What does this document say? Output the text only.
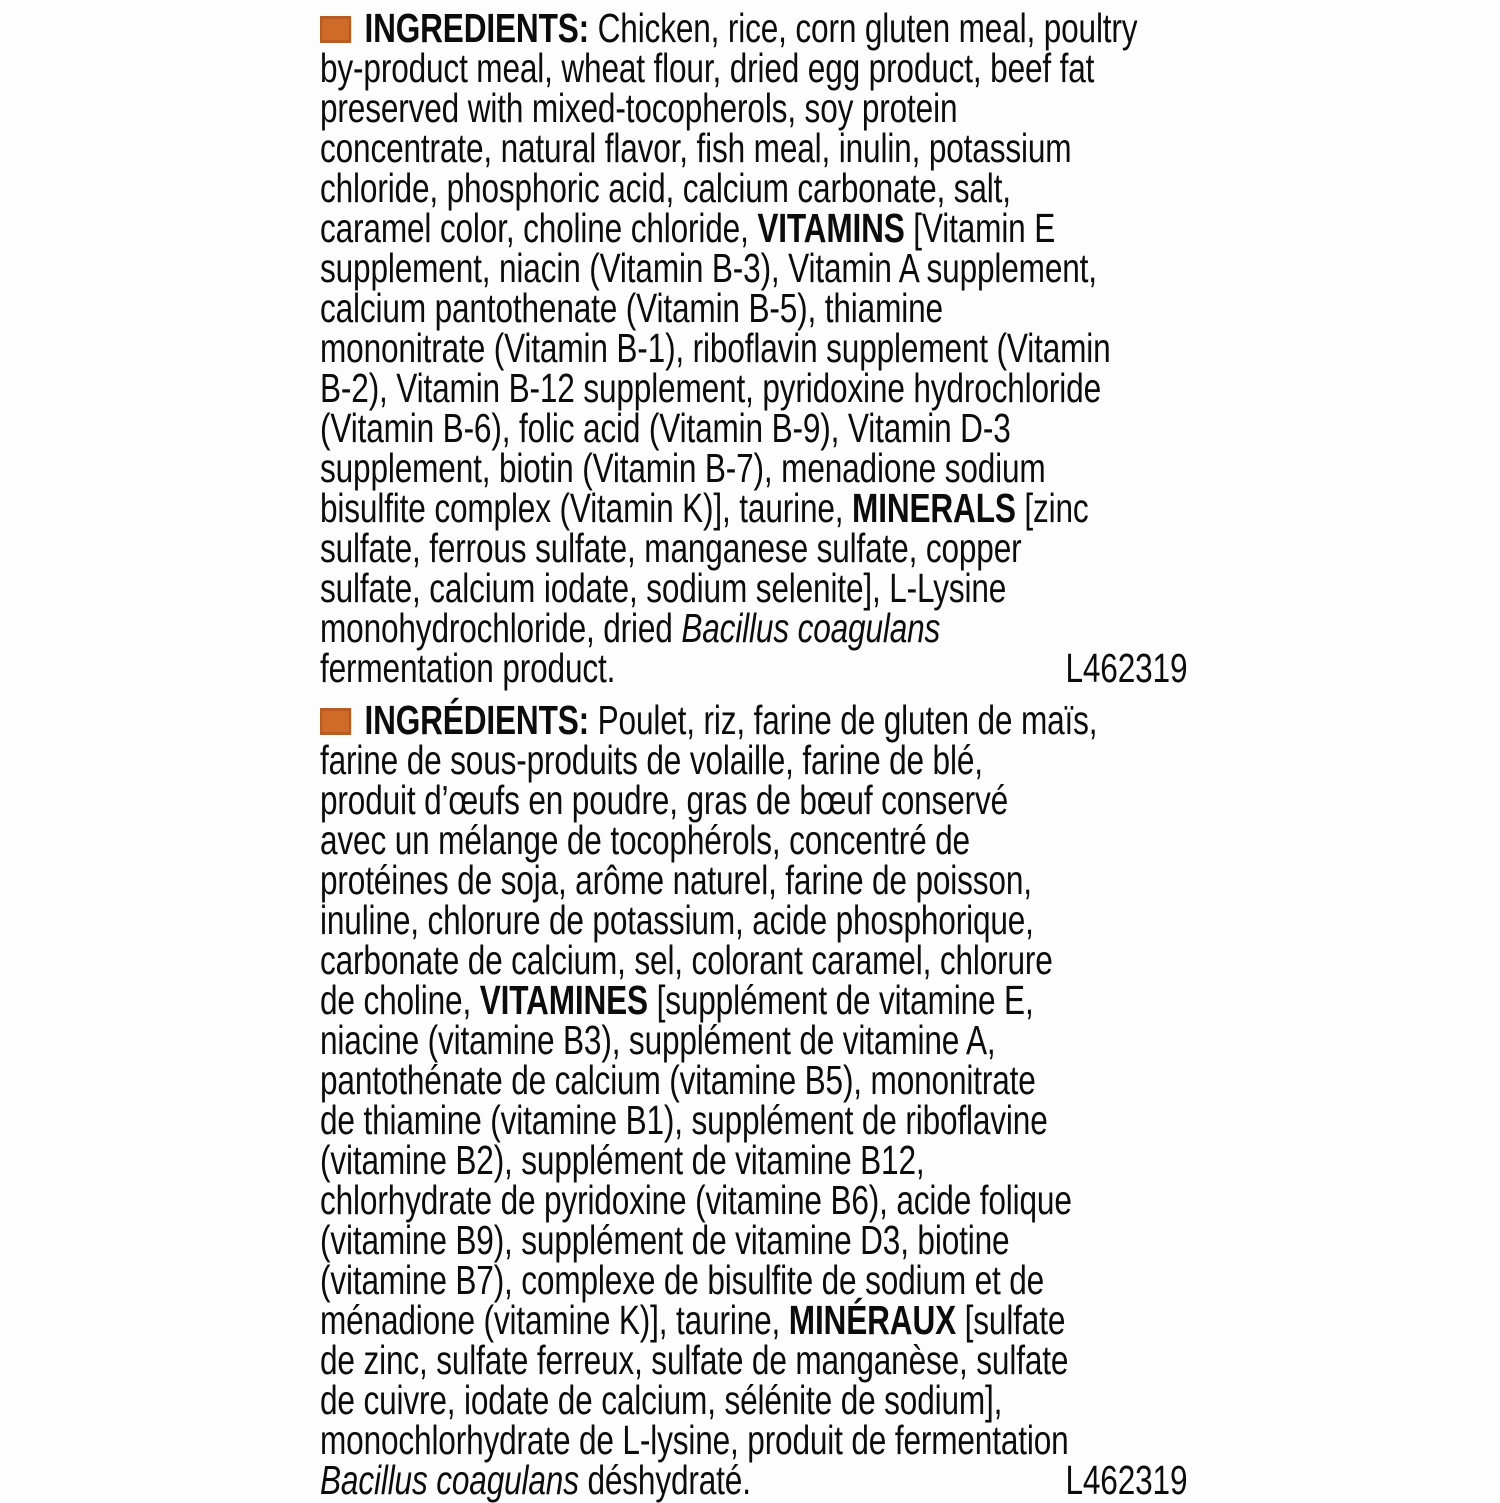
INGREDIENTS: Chicken, rice, corn gluten meal, poultry
by-product meal, wheat flour, dried egg product, beef fat
preserved with mixed-tocopherols, soy protein
concentrate, natural flavor, fish meal, inulin, potassium
chloride, phosphoric acid, calcium carbonate, salt,
caramel color, choline chloride, VITAMINS [Vitamin E
supplement, niacin (Vitamin B-3), Vitamin A supplement,
calcium pantothenate (Vitamin B-5), thiamine
mononitrate (Vitamin B-1), riboflavin supplement (Vitamin
B-2), Vitamin B-12 supplement, pyridoxine hydrochloride
(Vitamin B-6), folic acid (Vitamin B-9), Vitamin D-3
supplement, biotin (Vitamin B-7), menadione sodium
bisulfite complex (Vitamin K)], taurine, MINERALS [zinc
sulfate, ferrous sulfate, manganese sulfate, copper
sulfate, calcium iodate, sodium selenite], L-Lysine
monohydrochloride, dried Bacillus coagulans
fermentation product.	L462319
INGRÉDIENTS: Poulet, riz, farine de gluten de maïs,
farine de sous-produits de volaille, farine de blé,
produit d’œufs en poudre, gras de bœuf conservé
avec un mélange de tocophérols, concentré de
protéines de soja, arôme naturel, farine de poisson,
inuline, chlorure de potassium, acide phosphorique,
carbonate de calcium, sel, colorant caramel, chlorure
de choline, VITAMINES [supplément de vitamine E,
niacine (vitamine B3), supplément de vitamine A,
pantothénate de calcium (vitamine B5), mononitrate
de thiamine (vitamine B1), supplément de riboflavine
(vitamine B2), supplément de vitamine B12,
chlorhydrate de pyridoxine (vitamine B6), acide folique
(vitamine B9), supplément de vitamine D3, biotine
(vitamine B7), complexe de bisulfite de sodium et de
ménadione (vitamine K)], taurine, MINÉRAUX [sulfate
de zinc, sulfate ferreux, sulfate de manganèse, sulfate
de cuivre, iodate de calcium, sélénite de sodium],
monochlorhydrate de L-lysine, produit de fermentation
Bacillus coagulans déshydraté.	L462319
